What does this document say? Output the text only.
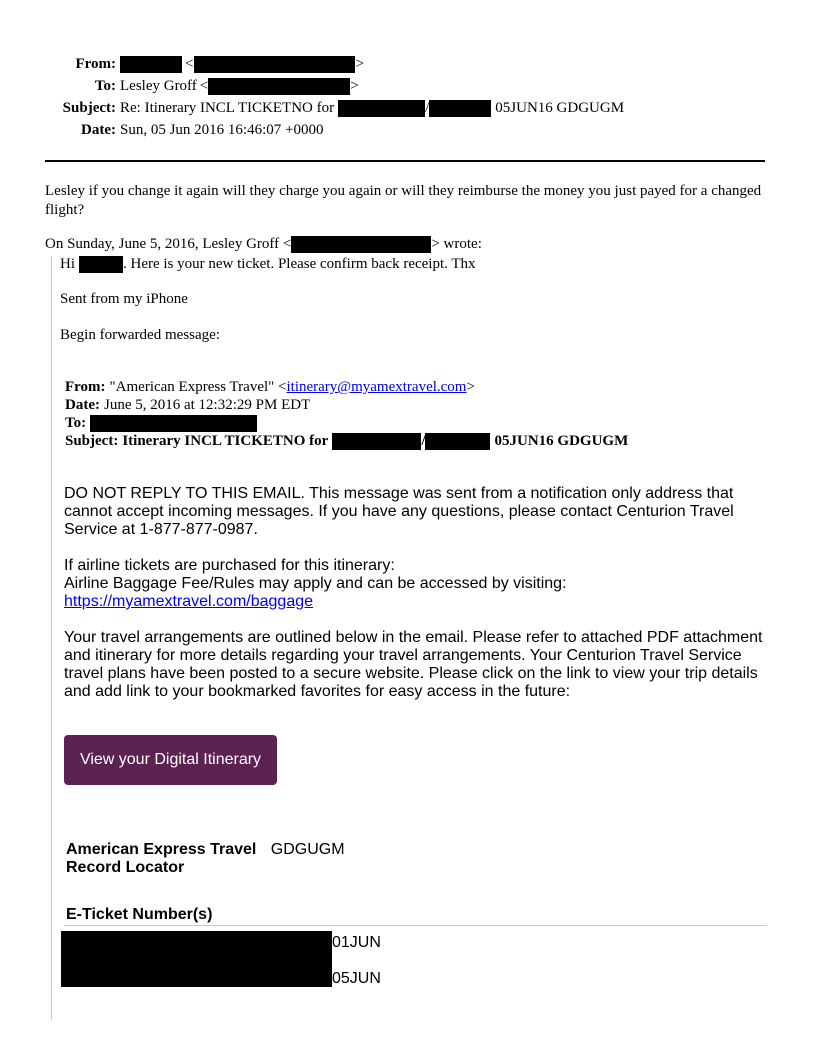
From:	<	>
To: Lesley Groff <	>
Subject: Re: Itinerary INCL TICKETNO for	/	05JUN16 GDGUGM
Date: Sun, 05 Jun 2016 16:46:07 +0000
Lesley if you change it again will they charge you again or will they reimburse the money you just payed for a changed flight?
On Sunday, June 5, 2016, Lesley Groff <	> wrote:
Hi	. Here is your new ticket. Please confirm back receipt. Thx
Sent from my iPhone
Begin forwarded message:
From: "American Express Travel" < itinerary@myamextravel.com >
Date: June 5, 2016 at 12:32:29 PM EDT
To:
Subject: Itinerary INCL TICKETNO for	/	05JUN16 GDGUGM
DO NOT REPLY TO THIS EMAIL. This message was sent from a notification only address that cannot accept incoming messages. If you have any questions, please contact Centurion Travel Service at 1-877-877-0987.
If airline tickets are purchased for this itinerary:
Airline Baggage Fee/Rules may apply and can be accessed by visiting:
https://myamextravel.com/baggage
Your travel arrangements are outlined below in the email. Please refer to attached PDF attachment and itinerary for more details regarding your travel arrangements. Your Centurion Travel Service travel plans have been posted to a secure website. Please click on the link to view your trip details and add link to your bookmarked favorites for easy access in the future:
View your Digital Itinerary
American Express Travel GDGUGM
Record Locator
E-Ticket Number(s)
01JUN
05JUN
